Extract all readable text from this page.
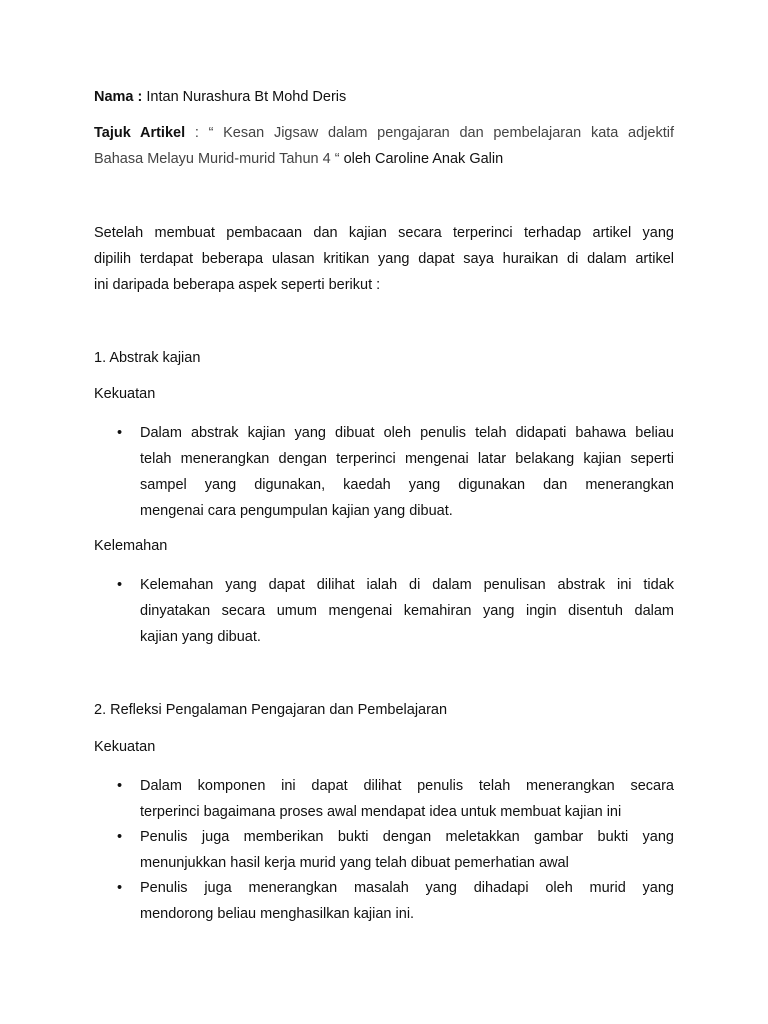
Nama : Intan Nurashura Bt Mohd Deris

Tajuk Artikel : “ Kesan Jigsaw dalam pengajaran dan pembelajaran kata adjektif
Bahasa Melayu Murid-murid Tahun 4 “ oleh Caroline Anak Galin

Setelah membuat pembacaan dan kajian secara terperinci terhadap artikel yang
dipilih terdapat beberapa ulasan kritikan yang dapat saya huraikan di dalam artikel
ini daripada beberapa aspek seperti berikut :

1. Abstrak kajian

Kekuatan

• Dalam abstrak kajian yang dibuat oleh penulis telah didapati bahawa beliau
telah menerangkan dengan terperinci mengenai latar belakang kajian seperti
sampel yang digunakan, kaedah yang digunakan dan menerangkan
mengenai cara pengumpulan kajian yang dibuat.

Kelemahan

• Kelemahan yang dapat dilihat ialah di dalam penulisan abstrak ini tidak
dinyatakan secara umum mengenai kemahiran yang ingin disentuh dalam
kajian yang dibuat.

2. Refleksi Pengalaman Pengajaran dan Pembelajaran

Kekuatan

• Dalam komponen ini dapat dilihat penulis telah menerangkan secara
terperinci bagaimana proses awal mendapat idea untuk membuat kajian ini

• Penulis juga memberikan bukti dengan meletakkan gambar bukti yang
menunjukkan hasil kerja murid yang telah dibuat pemerhatian awal

• Penulis juga menerangkan masalah yang dihadapi oleh murid yang
mendorong beliau menghasilkan kajian ini.
